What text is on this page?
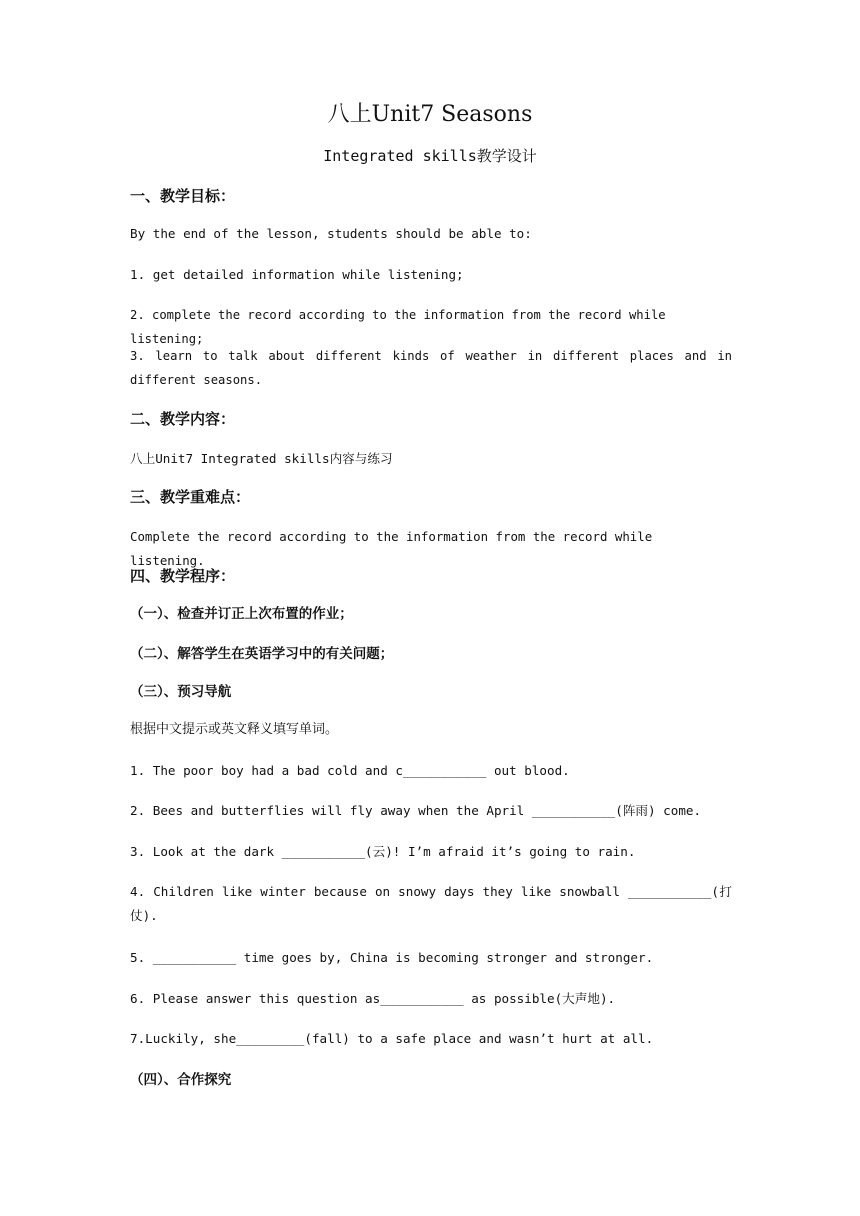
八上Unit7 Seasons
Integrated skills教学设计
一、教学目标：
By the end of the lesson, students should be able to:
1. get detailed information while listening;
2. complete the record according to the information from the record while listening;
3. learn to talk about different kinds of weather in different places and in different seasons.
二、教学内容：
八上Unit7 Integrated skills内容与练习
三、教学重难点：
Complete the record according to the information from the record while listening.
四、教学程序：
（一）、检查并订正上次布置的作业；
（二）、解答学生在英语学习中的有关问题；
（三）、预习导航
根据中文提示或英文释义填写单词。
1. The poor boy had a bad cold and c___________ out blood.
2. Bees and butterflies will fly away when the April ___________(阵雨) come.
3. Look at the dark ___________(云)! I’m afraid it’s going to rain.
4. Children like winter because on snowy days they like snowball ___________(打仗).
5. ___________ time goes by, China is becoming stronger and stronger.
6. Please answer this question as___________ as possible(大声地).
7.Luckily, she_________(fall) to a safe place and wasn’t hurt at all.
（四）、合作探究
